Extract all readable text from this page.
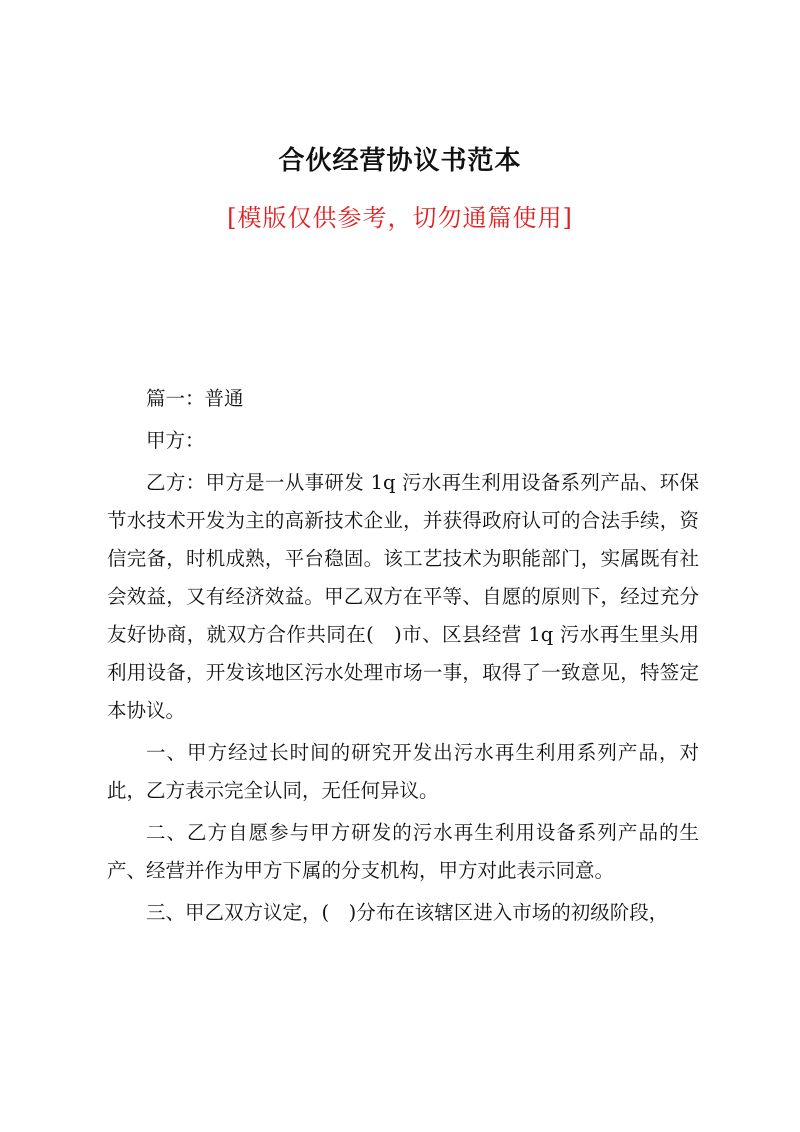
合伙经营协议书范本
[模版仅供参考，切勿通篇使用]

篇一：普通

甲方：

乙方：甲方是一从事研发 1q 污水再生利用设备系列产品、环保节水技术开发为主的高新技术企业，并获得政府认可的合法手续，资信完备，时机成熟，平台稳固。该工艺技术为职能部门，实属既有社会效益，又有经济效益。甲乙双方在平等、自愿的原则下，经过充分友好协商，就双方合作共同在(　)市、区县经营 1q 污水再生里头用利用设备，开发该地区污水处理市场一事，取得了一致意见，特签定本协议。

一、甲方经过长时间的研究开发出污水再生利用系列产品，对此，乙方表示完全认同，无任何异议。

二、乙方自愿参与甲方研发的污水再生利用设备系列产品的生产、经营并作为甲方下属的分支机构，甲方对此表示同意。

三、甲乙双方议定，(　)分布在该辖区进入市场的初级阶段，
